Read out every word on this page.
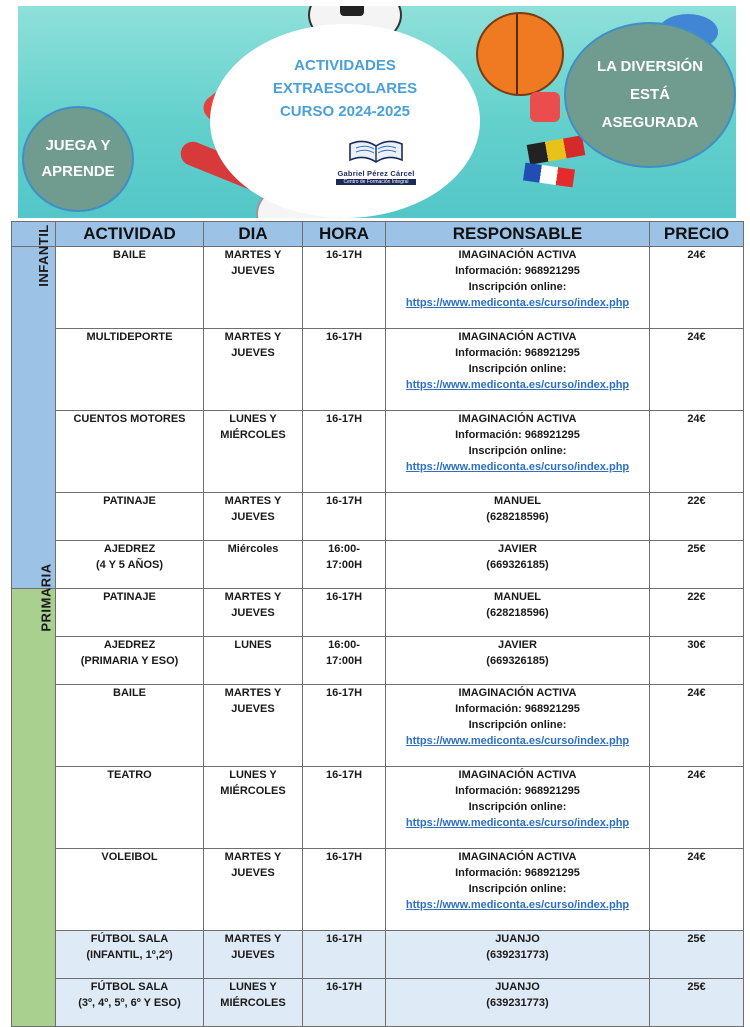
ACTIVIDADES
EXTRAESCOLARES
CURSO 2024-2025
Gabriel Pérez Cárcel
Centro de Formación Integral
JUEGA Y
APRENDE
LA DIVERSIÓN
ESTÁ
ASEGURADA
	ACTIVIDAD	DIA	HORA	RESPONSABLE	PRECIO
INFANTIL	BAILE	MARTES Y
JUEVES	16-17H	IMAGINACIÓN ACTIVA
Información: 968921295
Inscripción online:
https://www.mediconta.es/curso/index.php	24€

	MULTIDEPORTE	MARTES Y
JUEVES	16-17H	IMAGINACIÓN ACTIVA
Información: 968921295
Inscripción online:
https://www.mediconta.es/curso/index.php	24€

	CUENTOS MOTORES	LUNES Y
MIÉRCOLES	16-17H	IMAGINACIÓN ACTIVA
Información: 968921295
Inscripción online:
https://www.mediconta.es/curso/index.php	24€

	PATINAJE	MARTES Y
JUEVES	16-17H	MANUEL
(628218596)	22€

	AJEDREZ
(4 Y 5 AÑOS)	Miércoles	16:00-
17:00H	JAVIER
(669326185)	25€

PRIMARIA	PATINAJE	MARTES Y
JUEVES	16-17H	MANUEL
(628218596)	22€

	AJEDREZ
(PRIMARIA Y ESO)	LUNES	16:00-
17:00H	JAVIER
(669326185)	30€

	BAILE	MARTES Y
JUEVES	16-17H	IMAGINACIÓN ACTIVA
Información: 968921295
Inscripción online:
https://www.mediconta.es/curso/index.php	24€

	TEATRO	LUNES Y
MIÉRCOLES	16-17H	IMAGINACIÓN ACTIVA
Información: 968921295
Inscripción online:
https://www.mediconta.es/curso/index.php	24€

	VOLEIBOL	MARTES Y
JUEVES	16-17H	IMAGINACIÓN ACTIVA
Información: 968921295
Inscripción online:
https://www.mediconta.es/curso/index.php	24€

	FÚTBOL SALA
(INFANTIL, 1º,2º)	MARTES Y
JUEVES	16-17H	JUANJO
(639231773)	25€

	FÚTBOL SALA
(3º, 4º, 5º, 6º Y ESO)	LUNES Y
MIÉRCOLES	16-17H	JUANJO
(639231773)	25€
